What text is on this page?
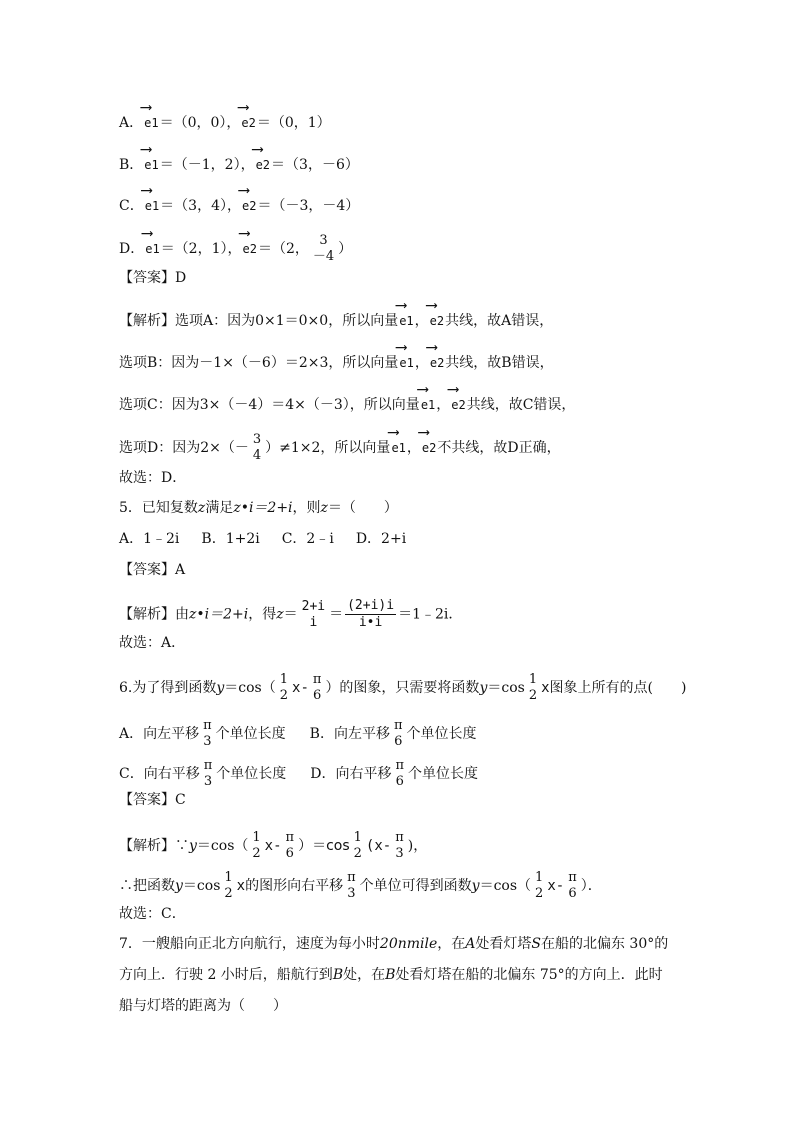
A．⟶ e1＝（0，0），⟶ e2＝（0，1）
B．⟶ e1＝（－1，2），⟶ e2＝（3，－6）
C．⟶ e1＝（3，4），⟶ e2＝（－3，－4）
D．⟶ e1＝（2，1），⟶ e2＝（2，
3
－4 ）
【答案】D
【解析】选项A：因为0×1＝0×0，所以向量⟶ e1，⟶ e2共线，故A错误，
选项B：因为－1×（－6）＝2×3，所以向量⟶ e1，⟶ e2共线，故B错误，
选项C：因为3×（－4）＝4×（－3），所以向量⟶ e1，⟶ e2共线，故C错误，
选项D：因为2×（－
3
4 ）≠1×2，所以向量⟶ e1，⟶ e2不共线，故D正确，
故选：D．
5．已知复数z满足z•i＝2+i，则z＝（　　）
A．1﹣2i B．1+2i C．2﹣i D．2+i
【答案】A
【解析】由z•i＝2+i，得z＝
2+i
$i = \frac{(2+i)i}{i•i}$ ＝1﹣2i．
故选：A．
6.为了得到函数y＝cos（
1
2 x-
π
6 ）的图象，只需要将函数y＝cos
1
2 x图象上所有的点(　　)
A．向左平移
π
3 个单位长度 B．向左平移
π
6 个单位长度
C．向右平移
π
3 个单位长度 D．向右平移
π
6 个单位长度
【答案】C
【解析】∵y＝cos（
1
2 x-
π
6 ）＝cos
1
2 (x-
π
3 )，
∴把函数y＝cos
1
2 x的图形向右平移
π
3 个单位可得到函数y＝cos（
1
2 x-
π
6 ）．
故选：C．
7．一艘船向正北方向航行，速度为每小时20nmile，在A处看灯塔S在船的北偏东 30°的
方向上．行驶 2 小时后，船航行到B处，在B处看灯塔在船的北偏东 75°的方向上．此时
船与灯塔的距离为（　　）
